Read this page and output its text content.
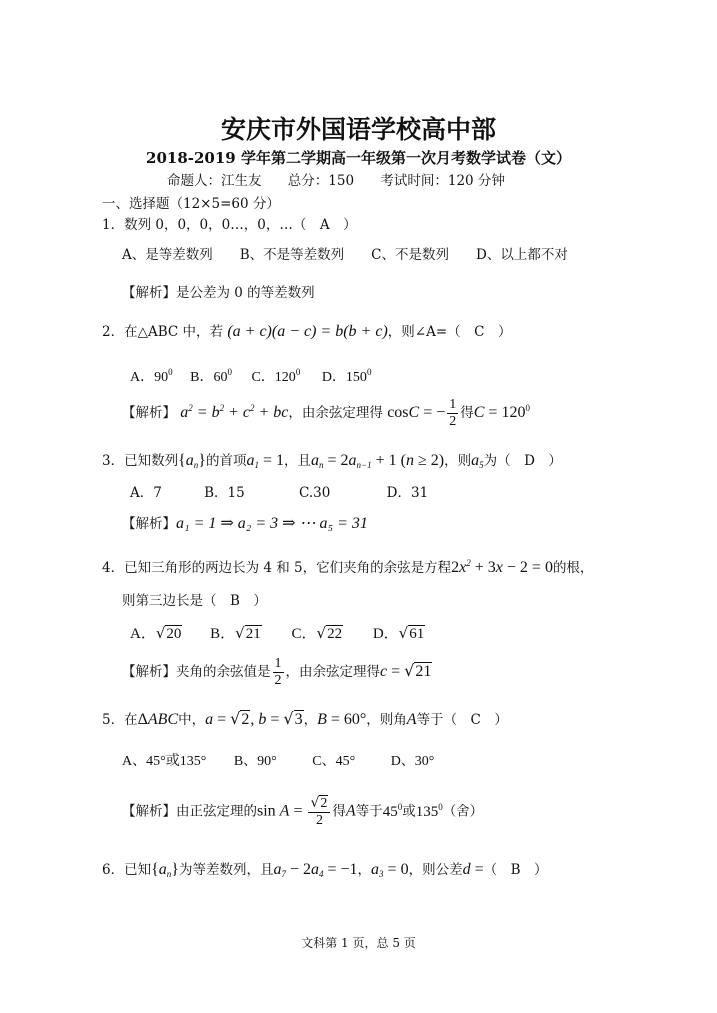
安庆市外国语学校高中部
2018-2019 学年第二学期高一年级第一次月考数学试卷（文）
命题人：江生友 总分：150 考试时间：120 分钟
一、选择题（12×5=60 分）
1．数列 0，0，0，0…，0，…（　A　）
A、是等差数列　　B、不是等差数列　　C、不是数列　　D、以上都不对
【解析】是公差为 0 的等差数列
2．在△ABC 中，若 (a + c)(a − c) = b(b + c)，则∠A=（　C　）
A．$90^0$ B．$60^0$ C．$120^0$ D．$150^0$
【解析】 $a^2 = b^2 + c^2$ + bc，由余弦定理得 cosC = − $\frac{1}{2}$ 得$C = 120^0$
3．已知数列$\{a_n\}$的首项$a_1 = 1$，且$a_n = 2a_{n-1} + 1$ (n ≥ 2)，则$a_5$为（　D　）
A．7	B．15	C.30	D．31
【解析】a₁ = 1 ⇒ a₂ = 3 ⇒ ⋯ a₅ = 31
4．已知三角形的两边长为 4 和 5，它们夹角的余弦是方程$2x^2 + 3x - 2 = 0$的根，
则第三边长是（　B　）
A．√20 B．√21 C．√22 D．√61
【解析】夹角的余弦值是 $\frac{1}{2}$ ，由余弦定理得c = √21
5．在ΔABC中，a = √2, b = √3，B = 60°，则角A等于（　C　）
A、45°或135° B、90°	C、45°	D、30°
【解析】由正弦定理的$\sin A = \frac{√2}{2}$ 得A等于$45^0$或$135^0$（舍）
6．已知$\{a_n\}$为等差数列，且$a_7 - 2a_4 = -1$，$a_3 = 0$，则公差d =（　B　）
文科第 1 页，总 5 页
